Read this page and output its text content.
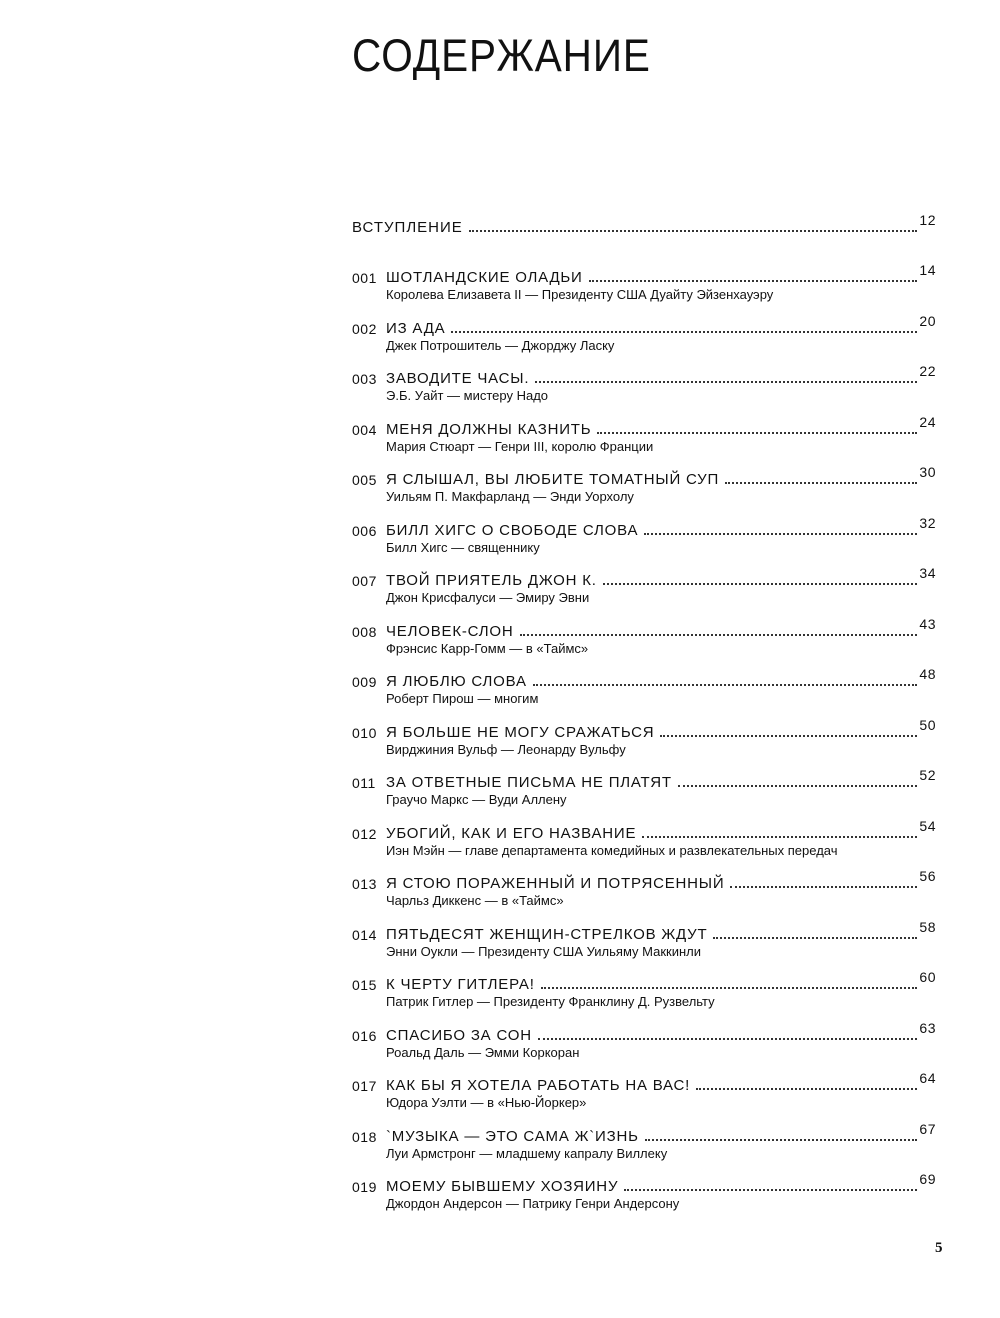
СОДЕРЖАНИЕ
ВСТУПЛЕНИЕ	12
001 ШОТЛАНДСКИЕ ОЛАДЬИ	14
Королева Елизавета II — Президенту США Дуайту Эйзенхауэру
002 ИЗ АДА	20
Джек Потрошитель — Джорджу Ласку
003 ЗАВОДИТЕ ЧАСЫ.	22
Э.Б. Уайт — мистеру Надо
004 МЕНЯ ДОЛЖНЫ КАЗНИТЬ	24
Мария Стюарт — Генри III, королю Франции
005 Я СЛЫШАЛ, ВЫ ЛЮБИТЕ ТОМАТНЫЙ СУП	30
Уильям П. Макфарланд — Энди Уорхолу
006 БИЛЛ ХИГС О СВОБОДЕ СЛОВА	32
Билл Хигс — священнику
007 ТВОЙ ПРИЯТЕЛЬ ДЖОН К.	34
Джон Крисфалуси — Эмиру Эвни
008 ЧЕЛОВЕК-СЛОН	43
Фрэнсис Карр-Гомм — в «Таймс»
009 Я ЛЮБЛЮ СЛОВА	48
Роберт Пирош — многим
010 Я БОЛЬШЕ НЕ МОГУ СРАЖАТЬСЯ	50
Вирджиния Вульф — Леонарду Вульфу
011 ЗА ОТВЕТНЫЕ ПИСЬМА НЕ ПЛАТЯТ	52
Граучо Маркс — Вуди Аллену
012 УБОГИЙ, КАК И ЕГО НАЗВАНИЕ	54
Иэн Мэйн — главе департамента комедийных и развлекательных передач
013 Я СТОЮ ПОРАЖЕННЫЙ И ПОТРЯСЕННЫЙ	56
Чарльз Диккенс — в «Таймс»
014 ПЯТЬДЕСЯТ ЖЕНЩИН-СТРЕЛКОВ ЖДУТ	58
Энни Оукли — Президенту США Уильяму Маккинли
015 К ЧЕРТУ ГИТЛЕРА!	60
Патрик Гитлер — Президенту Франклину Д. Рузвельту
016 СПАСИБО ЗА СОН	63
Роальд Даль — Эмми Коркоран
017 КАК БЫ Я ХОТЕЛА РАБОТАТЬ НА ВАС!	64
Юдора Уэлти — в «Нью-Йоркер»
018 `МУЗЫКА — ЭТО САМА Ж`ИЗНЬ	67
Луи Армстронг — младшему капралу Виллеку
019 МОЕМУ БЫВШЕМУ ХОЗЯИНУ	69
Джордон Андерсон — Патрику Генри Андерсону
5
